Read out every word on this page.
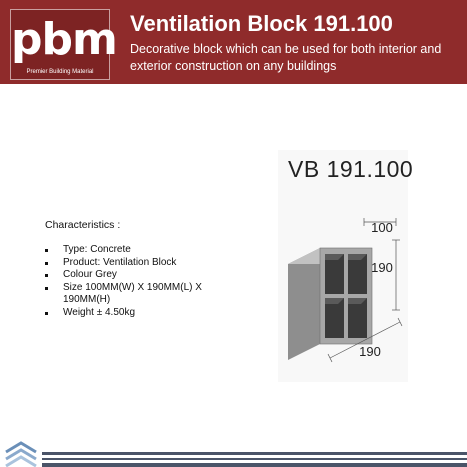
pbm
Premier Building Material
Ventilation Block 191.100
Decorative block which can be used for both interior and exterior construction on any buildings
Characteristics :
Type: Concrete
Product: Ventilation Block
Colour Grey
Size 100MM(W) X 190MM(L) X 190MM(H)
Weight ± 4.50kg
VB 191.100
100
190
190
